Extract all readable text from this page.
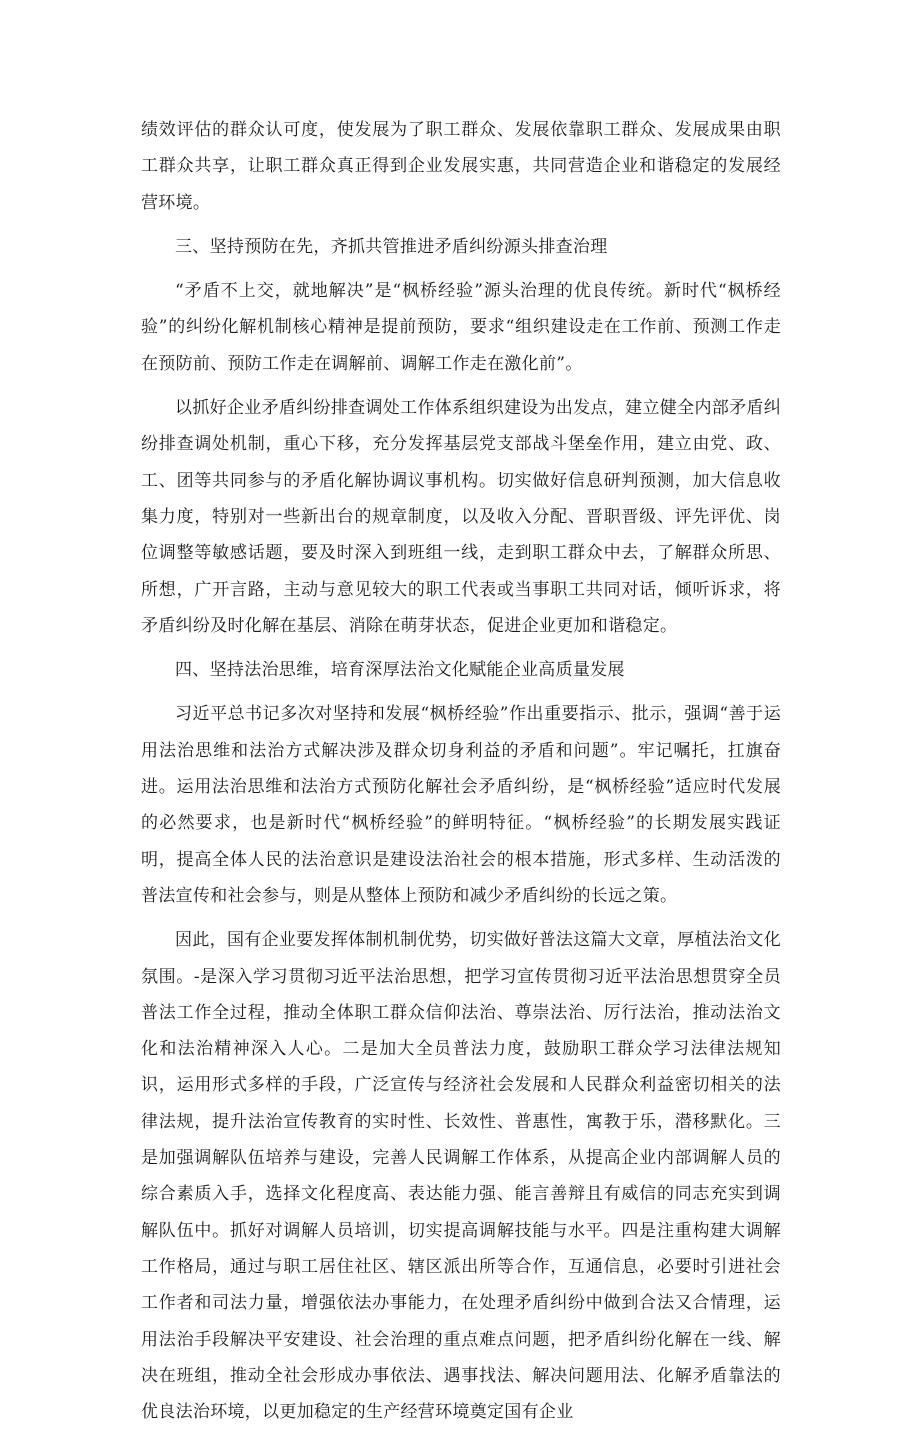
绩效评估的群众认可度，使发展为了职工群众、发展依靠职工群众、发展成果由职工群众共享，让职工群众真正得到企业发展实惠，共同营造企业和谐稳定的发展经营环境。

三、坚持预防在先，齐抓共管推进矛盾纠纷源头排查治理

“矛盾不上交，就地解决”是“枫桥经验”源头治理的优良传统。新时代“枫桥经验”的纠纷化解机制核心精神是提前预防，要求“组织建设走在工作前、预测工作走在预防前、预防工作走在调解前、调解工作走在激化前”。

以抓好企业矛盾纠纷排查调处工作体系组织建设为出发点，建立健全内部矛盾纠纷排查调处机制，重心下移，充分发挥基层党支部战斗堡垒作用，建立由党、政、工、团等共同参与的矛盾化解协调议事机构。切实做好信息研判预测，加大信息收集力度，特别对一些新出台的规章制度，以及收入分配、晋职晋级、评先评优、岗位调整等敏感话题，要及时深入到班组一线，走到职工群众中去，了解群众所思、所想，广开言路，主动与意见较大的职工代表或当事职工共同对话，倾听诉求，将矛盾纠纷及时化解在基层、消除在萌芽状态，促进企业更加和谐稳定。

四、坚持法治思维，培育深厚法治文化赋能企业高质量发展

习近平总书记多次对坚持和发展“枫桥经验”作出重要指示、批示，强调“善于运用法治思维和法治方式解决涉及群众切身利益的矛盾和问题”。牢记嘱托，扛旗奋进。运用法治思维和法治方式预防化解社会矛盾纠纷，是“枫桥经验”适应时代发展的必然要求，也是新时代“枫桥经验”的鲜明特征。“枫桥经验”的长期发展实践证明，提高全体人民的法治意识是建设法治社会的根本措施，形式多样、生动活泼的普法宣传和社会参与，则是从整体上预防和减少矛盾纠纷的长远之策。

因此，国有企业要发挥体制机制优势，切实做好普法这篇大文章，厚植法治文化氛围。-是深入学习贯彻习近平法治思想，把学习宣传贯彻习近平法治思想贯穿全员普法工作全过程，推动全体职工群众信仰法治、尊崇法治、厉行法治，推动法治文化和法治精神深入人心。二是加大全员普法力度，鼓励职工群众学习法律法规知识，运用形式多样的手段，广泛宣传与经济社会发展和人民群众利益密切相关的法律法规，提升法治宣传教育的实时性、长效性、普惠性，寓教于乐，潜移默化。三是加强调解队伍培养与建设，完善人民调解工作体系，从提高企业内部调解人员的综合素质入手，选择文化程度高、表达能力强、能言善辩且有威信的同志充实到调解队伍中。抓好对调解人员培训，切实提高调解技能与水平。四是注重构建大调解工作格局，通过与职工居住社区、辖区派出所等合作，互通信息，必要时引进社会工作者和司法力量，增强依法办事能力，在处理矛盾纠纷中做到合法又合情理，运用法治手段解决平安建设、社会治理的重点难点问题，把矛盾纠纷化解在一线、解决在班组，推动全社会形成办事依法、遇事找法、解决问题用法、化解矛盾靠法的优良法治环境，以更加稳定的生产经营环境奠定国有企业
